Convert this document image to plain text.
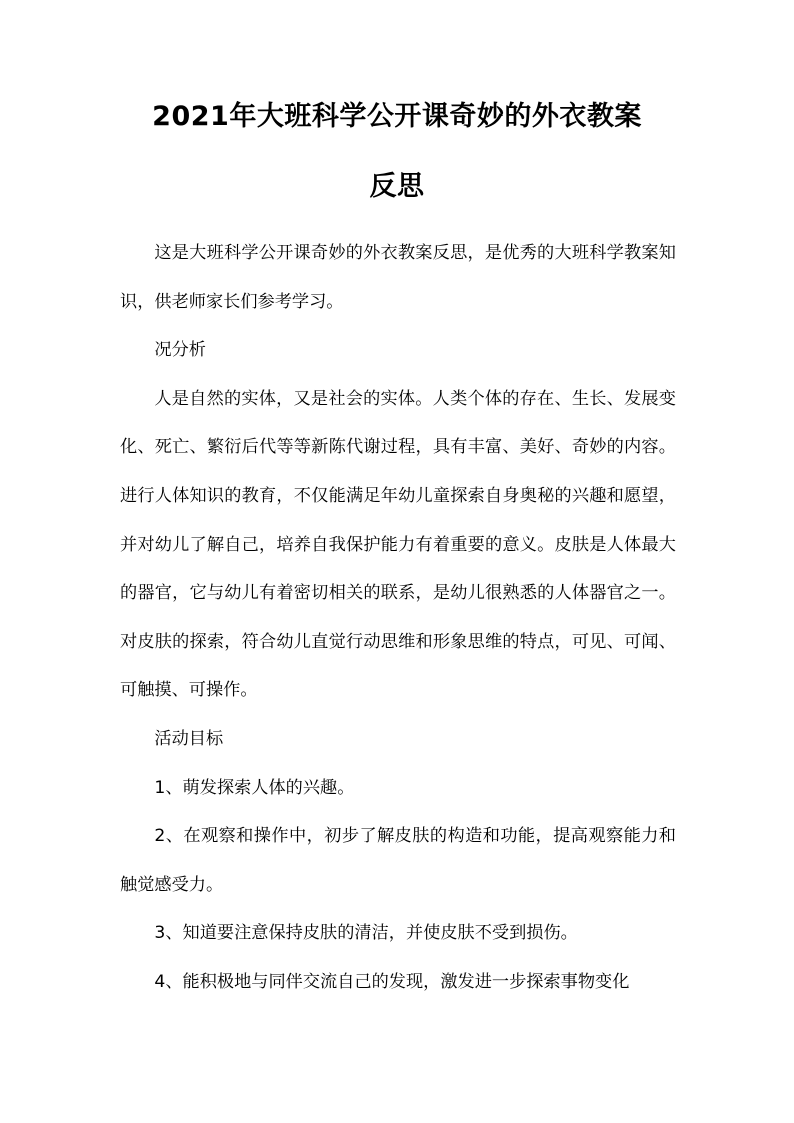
2021年大班科学公开课奇妙的外衣教案
反思

这是大班科学公开课奇妙的外衣教案反思，是优秀的大班科学教案知识，供老师家长们参考学习。

况分析

人是自然的实体，又是社会的实体。人类个体的存在、生长、发展变化、死亡、繁衍后代等等新陈代谢过程，具有丰富、美好、奇妙的内容。进行人体知识的教育，不仅能满足年幼儿童探索自身奥秘的兴趣和愿望，并对幼儿了解自己，培养自我保护能力有着重要的意义。皮肤是人体最大的器官，它与幼儿有着密切相关的联系，是幼儿很熟悉的人体器官之一。对皮肤的探索，符合幼儿直觉行动思维和形象思维的特点，可见、可闻、可触摸、可操作。

活动目标

1、萌发探索人体的兴趣。

2、在观察和操作中，初步了解皮肤的构造和功能，提高观察能力和触觉感受力。

3、知道要注意保持皮肤的清洁，并使皮肤不受到损伤。

4、能积极地与同伴交流自己的发现，激发进一步探索事物变化
